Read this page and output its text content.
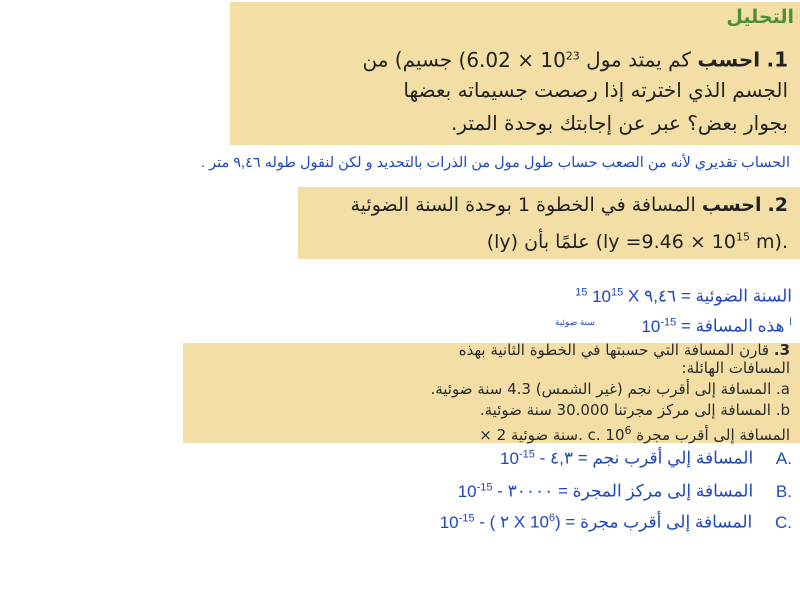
التحليل
1. احسب كم يمتد مول ($6.02 \times 10^{23}$ جسيم) من
الجسم الذي اخترته إذا رصصت جسيماته بعضها
بجوار بعض؟ عبر عن إجابتك بوحدة المتر.
الحساب تقديري لأنه من الصعب حساب طول مول من الذرات بالتحديد و لكن لنقول طوله ٩,٤٦ متر .
2. احسب المسافة في الخطوة 1 بوحدة السنة الضوئية
(ly) علمًا بأن ($ly =9.46 \times 10^{15}$ m).
السنة الضوئية = ٩,٤٦ X $^{15}$ $10^{15}$
$^ا$ هذه المسافة =   $10^{-15}$
سنة ضوئية
3. قارن المسافة التي حسبتها في الخطوة الثانية بهذه
المسافات الهائلة:
a. المسافة إلى أقرب نجم (غير الشمس) 4.3 سنة ضوئية.
b. المسافة إلى مركز مجرتنا 30.000 سنة ضوئية.
× 2 سنة ضوئية. c. المسافة إلى أقرب مجرة $10^6$
.A المسافة إلي أقرب نجم = ٤,٣ - $10^{-15}$
.B المسافة إلى مركز المجرة = ٣٠٠٠٠ - $10^{-15}$
.C المسافة إلى أقرب مجرة = ($10^6$ X ٢ ) - $10^{-15}$
